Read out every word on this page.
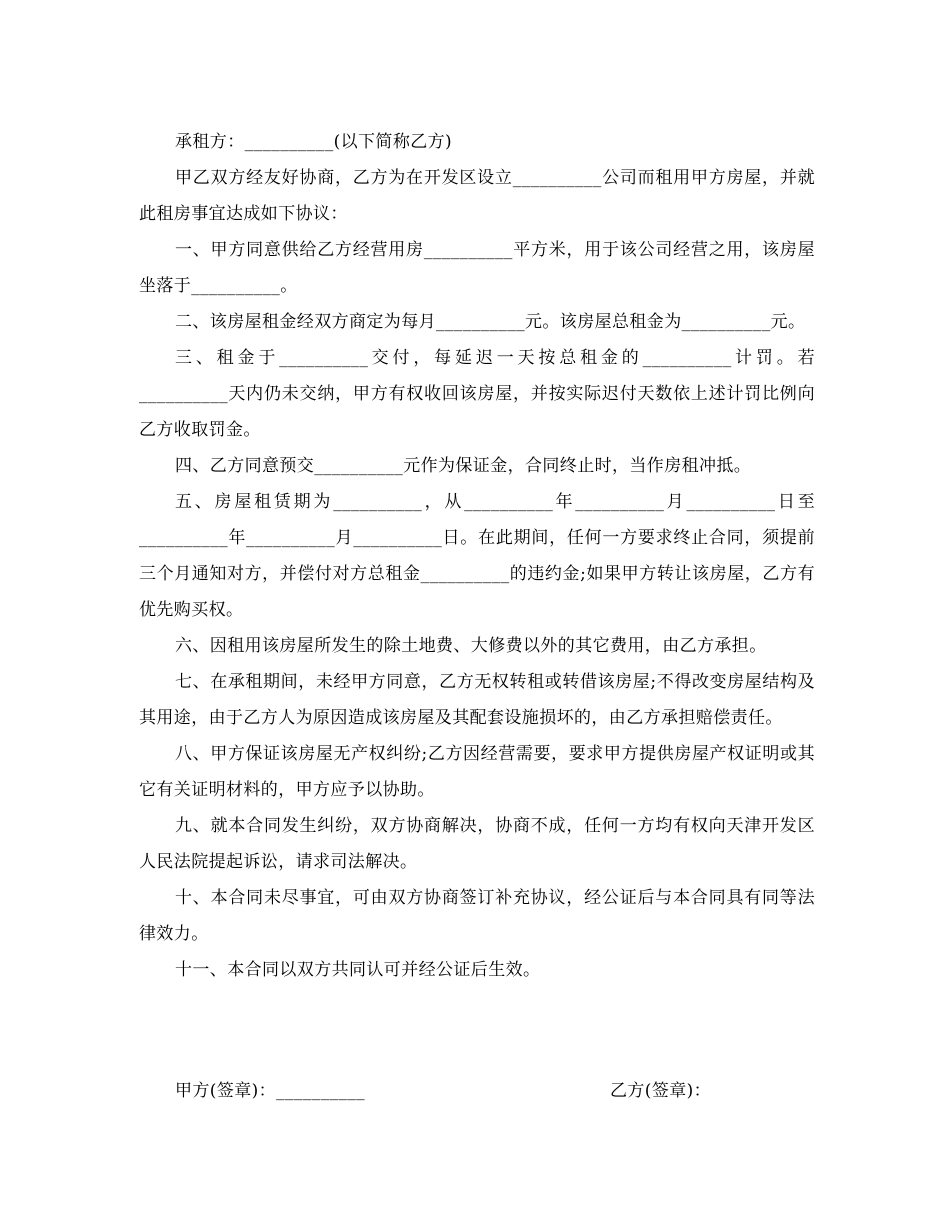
承租方：__________(以下简称乙方)

甲乙双方经友好协商，乙方为在开发区设立__________公司而租用甲方房屋，并就此租房事宜达成如下协议：

一、甲方同意供给乙方经营用房__________平方米，用于该公司经营之用，该房屋坐落于__________。

二、该房屋租金经双方商定为每月__________元。该房屋总租金为__________元。

三、租金于__________交付，每延迟一天按总租金的__________计罚。若__________天内仍未交纳，甲方有权收回该房屋，并按实际迟付天数依上述计罚比例向乙方收取罚金。

四、乙方同意预交__________元作为保证金，合同终止时，当作房租冲抵。

五、房屋租赁期为__________，从__________年__________月__________日至__________年__________月__________日。在此期间，任何一方要求终止合同，须提前三个月通知对方，并偿付对方总租金__________的违约金;如果甲方转让该房屋，乙方有优先购买权。

六、因租用该房屋所发生的除土地费、大修费以外的其它费用，由乙方承担。

七、在承租期间，未经甲方同意，乙方无权转租或转借该房屋;不得改变房屋结构及其用途，由于乙方人为原因造成该房屋及其配套设施损坏的，由乙方承担赔偿责任。

八、甲方保证该房屋无产权纠纷;乙方因经营需要，要求甲方提供房屋产权证明或其它有关证明材料的，甲方应予以协助。

九、就本合同发生纠纷，双方协商解决，协商不成，任何一方均有权向天津开发区人民法院提起诉讼，请求司法解决。

十、本合同未尽事宜，可由双方协商签订补充协议，经公证后与本合同具有同等法律效力。

十一、本合同以双方共同认可并经公证后生效。

甲方(签章)：__________	乙方(签章)：
